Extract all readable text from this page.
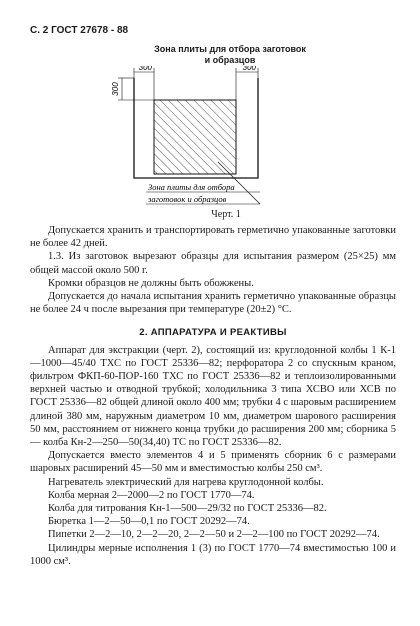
С. 2 ГОСТ 27678 - 88
Зона плиты для отбора заготовок
и образцов
300	300
300
Зона плиты для отбора
заготовок и образцов
Черт. 1

Допускается хранить и транспортировать герметично упакованные заготовки не более 42 дней.

1.3. Из заготовок вырезают образцы для испытания размером (25×25) мм общей массой около 500 г.

Кромки образцов не должны быть обожжены.

Допускается до начала испытания хранить герметично упакованные образцы не более 24 ч после вырезания при температуре (20±2) °С.

2. АППАРАТУРА И РЕАКТИВЫ

Аппарат для экстракции (черт. 2), состоящий из: круглодонной колбы 1 К-1—1000—45/40 ТХС по ГОСТ 25336—82; перфоратора 2 со спускным краном, фильтром ФКП-60-ПОР-160 ТХС по ГОСТ 25336—82 и теплоизолированными верхней частью и отводной трубкой; холодильника 3 типа ХСВО или ХСВ по ГОСТ 25336—82 общей длиной около 400 мм; трубки 4 с шаровым расширением длиной 380 мм, наружным диаметром 10 мм, диаметром шарового расширения 50 мм, расстоянием от нижнего конца трубки до расширения 200 мм; сборника 5 — колба Кн-2—250—50(34,40) ТС по ГОСТ 25336—82.

Допускается вместо элементов 4 и 5 применять сборник 6 с размерами шаровых расширений 45—50 мм и вместимостью колбы 250 см³.

Нагреватель электрический для нагрева круглодонной колбы.

Колба мерная 2—2000—2 по ГОСТ 1770—74.

Колба для титрования Кн-1—500—29/32 по ГОСТ 25336—82.

Бюретка 1—2—50—0,1 по ГОСТ 20292—74.

Пипетки 2—2—10, 2—2—20, 2—2—50 и 2—2—100 по ГОСТ 20292—74.

Цилиндры мерные исполнения 1 (3) по ГОСТ 1770—74 вместимостью 100 и 1000 см³.
